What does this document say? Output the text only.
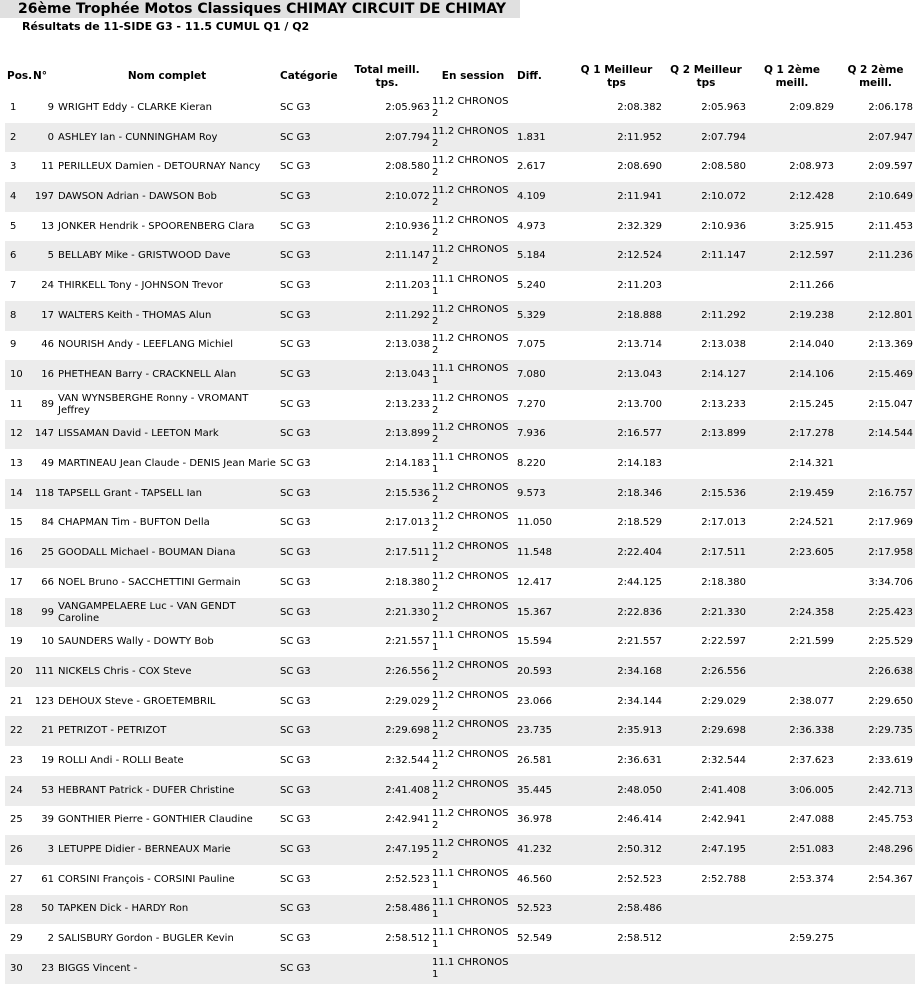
26ème Trophée Motos Classiques CHIMAY CIRCUIT DE CHIMAY
Résultats de 11-SIDE G3 - 11.5 CUMUL Q1 / Q2
Pos.	N°	Nom complet	Catégorie	Total meill. tps.	En session	Diff.	Q 1 Meilleur tps	Q 2 Meilleur tps	Q 1 2ème meill.	Q 2 2ème meill.
1	9	WRIGHT Eddy - CLARKE Kieran	SC G3	2:05.963	11.2 CHRONOS 2		2:08.382	2:05.963	2:09.829	2:06.178
2	0	ASHLEY Ian - CUNNINGHAM Roy	SC G3	2:07.794	11.2 CHRONOS 2	1.831	2:11.952	2:07.794		2:07.947
3	11	PERILLEUX Damien - DETOURNAY Nancy	SC G3	2:08.580	11.2 CHRONOS 2	2.617	2:08.690	2:08.580	2:08.973	2:09.597
4	197	DAWSON Adrian - DAWSON Bob	SC G3	2:10.072	11.2 CHRONOS 2	4.109	2:11.941	2:10.072	2:12.428	2:10.649
5	13	JONKER Hendrik - SPOORENBERG Clara	SC G3	2:10.936	11.2 CHRONOS 2	4.973	2:32.329	2:10.936	3:25.915	2:11.453
6	5	BELLABY Mike - GRISTWOOD Dave	SC G3	2:11.147	11.2 CHRONOS 2	5.184	2:12.524	2:11.147	2:12.597	2:11.236
7	24	THIRKELL Tony - JOHNSON Trevor	SC G3	2:11.203	11.1 CHRONOS 1	5.240	2:11.203		2:11.266	
8	17	WALTERS Keith - THOMAS Alun	SC G3	2:11.292	11.2 CHRONOS 2	5.329	2:18.888	2:11.292	2:19.238	2:12.801
9	46	NOURISH Andy - LEEFLANG Michiel	SC G3	2:13.038	11.2 CHRONOS 2	7.075	2:13.714	2:13.038	2:14.040	2:13.369
10	16	PHETHEAN Barry - CRACKNELL Alan	SC G3	2:13.043	11.1 CHRONOS 1	7.080	2:13.043	2:14.127	2:14.106	2:15.469
11	89	VAN WYNSBERGHE Ronny - VROMANT Jeffrey	SC G3	2:13.233	11.2 CHRONOS 2	7.270	2:13.700	2:13.233	2:15.245	2:15.047
12	147	LISSAMAN David - LEETON Mark	SC G3	2:13.899	11.2 CHRONOS 2	7.936	2:16.577	2:13.899	2:17.278	2:14.544
13	49	MARTINEAU Jean Claude - DENIS Jean Marie	SC G3	2:14.183	11.1 CHRONOS 1	8.220	2:14.183		2:14.321	
14	118	TAPSELL Grant - TAPSELL Ian	SC G3	2:15.536	11.2 CHRONOS 2	9.573	2:18.346	2:15.536	2:19.459	2:16.757
15	84	CHAPMAN Tim - BUFTON Della	SC G3	2:17.013	11.2 CHRONOS 2	11.050	2:18.529	2:17.013	2:24.521	2:17.969
16	25	GOODALL Michael - BOUMAN Diana	SC G3	2:17.511	11.2 CHRONOS 2	11.548	2:22.404	2:17.511	2:23.605	2:17.958
17	66	NOEL Bruno - SACCHETTINI Germain	SC G3	2:18.380	11.2 CHRONOS 2	12.417	2:44.125	2:18.380		3:34.706
18	99	VANGAMPELAERE Luc - VAN GENDT Caroline	SC G3	2:21.330	11.2 CHRONOS 2	15.367	2:22.836	2:21.330	2:24.358	2:25.423
19	10	SAUNDERS Wally - DOWTY Bob	SC G3	2:21.557	11.1 CHRONOS 1	15.594	2:21.557	2:22.597	2:21.599	2:25.529
20	111	NICKELS Chris - COX Steve	SC G3	2:26.556	11.2 CHRONOS 2	20.593	2:34.168	2:26.556		2:26.638
21	123	DEHOUX Steve - GROETEMBRIL	SC G3	2:29.029	11.2 CHRONOS 2	23.066	2:34.144	2:29.029	2:38.077	2:29.650
22	21	PETRIZOT - PETRIZOT	SC G3	2:29.698	11.2 CHRONOS 2	23.735	2:35.913	2:29.698	2:36.338	2:29.735
23	19	ROLLI Andi - ROLLI Beate	SC G3	2:32.544	11.2 CHRONOS 2	26.581	2:36.631	2:32.544	2:37.623	2:33.619
24	53	HEBRANT Patrick - DUFER Christine	SC G3	2:41.408	11.2 CHRONOS 2	35.445	2:48.050	2:41.408	3:06.005	2:42.713
25	39	GONTHIER Pierre - GONTHIER Claudine	SC G3	2:42.941	11.2 CHRONOS 2	36.978	2:46.414	2:42.941	2:47.088	2:45.753
26	3	LETUPPE Didier - BERNEAUX Marie	SC G3	2:47.195	11.2 CHRONOS 2	41.232	2:50.312	2:47.195	2:51.083	2:48.296
27	61	CORSINI François - CORSINI Pauline	SC G3	2:52.523	11.1 CHRONOS 1	46.560	2:52.523	2:52.788	2:53.374	2:54.367
28	50	TAPKEN Dick - HARDY Ron	SC G3	2:58.486	11.1 CHRONOS 1	52.523	2:58.486			
29	2	SALISBURY Gordon - BUGLER Kevin	SC G3	2:58.512	11.1 CHRONOS 1	52.549	2:58.512		2:59.275	
30	23	BIGGS Vincent -	SC G3		11.1 CHRONOS 1					
